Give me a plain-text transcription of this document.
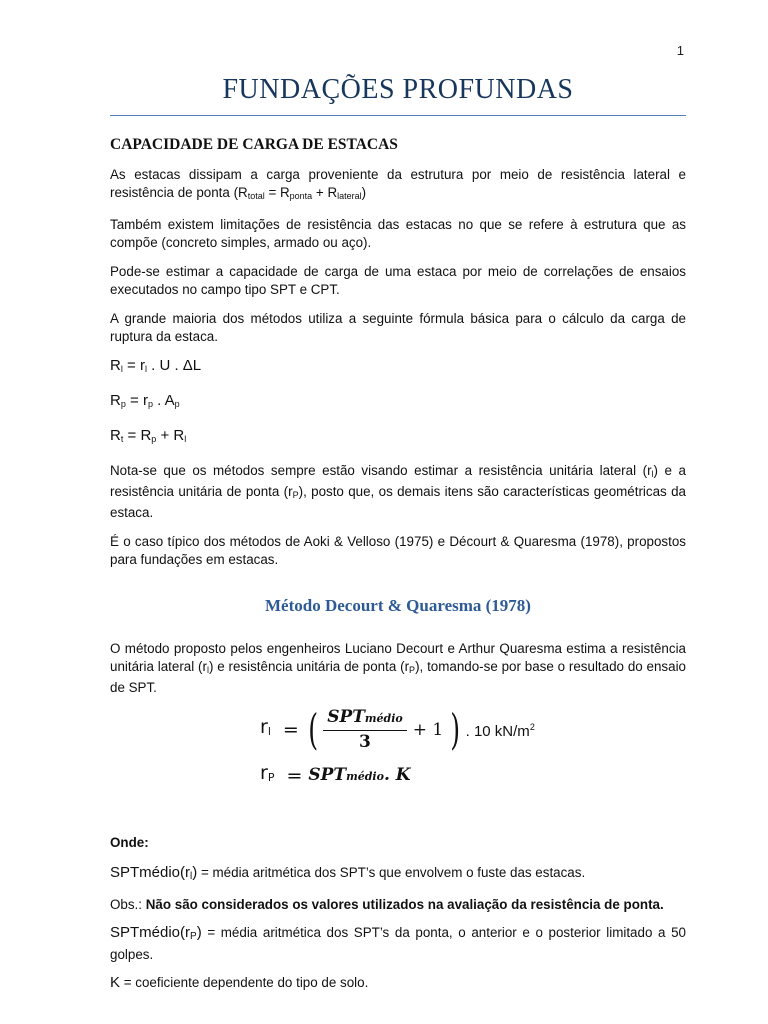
1
FUNDAÇÕES PROFUNDAS
CAPACIDADE DE CARGA DE ESTACAS

As estacas dissipam a carga proveniente da estrutura por meio de resistência lateral e resistência de ponta $(R_{total} = R_{ponta} + R_{lateral})$

Também existem limitações de resistência das estacas no que se refere à estrutura que as compõe (concreto simples, armado ou aço).

Pode-se estimar a capacidade de carga de uma estaca por meio de correlações de ensaios executados no campo tipo SPT e CPT.

A grande maioria dos métodos utiliza a seguinte fórmula básica para o cálculo da carga de ruptura da estaca.

$R_l = r_l$ . U . ΔL
$R_p = r_p$ . $A_p$
$R_t = R_p + R_l$

Nota-se que os métodos sempre estão visando estimar a resistência unitária lateral $(r_l)$ e a resistência unitária de ponta $(r_P)$, posto que, os demais itens são características geométricas da estaca.

É o caso típico dos métodos de Aoki & Velloso (1975) e Décourt & Quaresma (1978), propostos para fundações em estacas.

Método Decourt & Quaresma (1978)

O método proposto pelos engenheiros Luciano Decourt e Arthur Quaresma estima a resistência unitária lateral $(r_l)$ e resistência unitária de ponta $(r_P)$, tomando-se por base o resultado do ensaio de SPT.

$r_l$ = ( $\frac{\text{SPTmédio}}{3} + 1$ ) . 10 $kN/m^2$
$r_P$ = SPTmédio. K
Onde:

$SPTmédio(r_l)$ = média aritmética dos SPT’s que envolvem o fuste das estacas.

Obs.: Não são considerados os valores utilizados na avaliação da resistência de ponta.

$SPTmédio(r_P)$ = média aritmética dos SPT’s da ponta, o anterior e o posterior limitado a 50 golpes.

K = coeficiente dependente do tipo de solo.
